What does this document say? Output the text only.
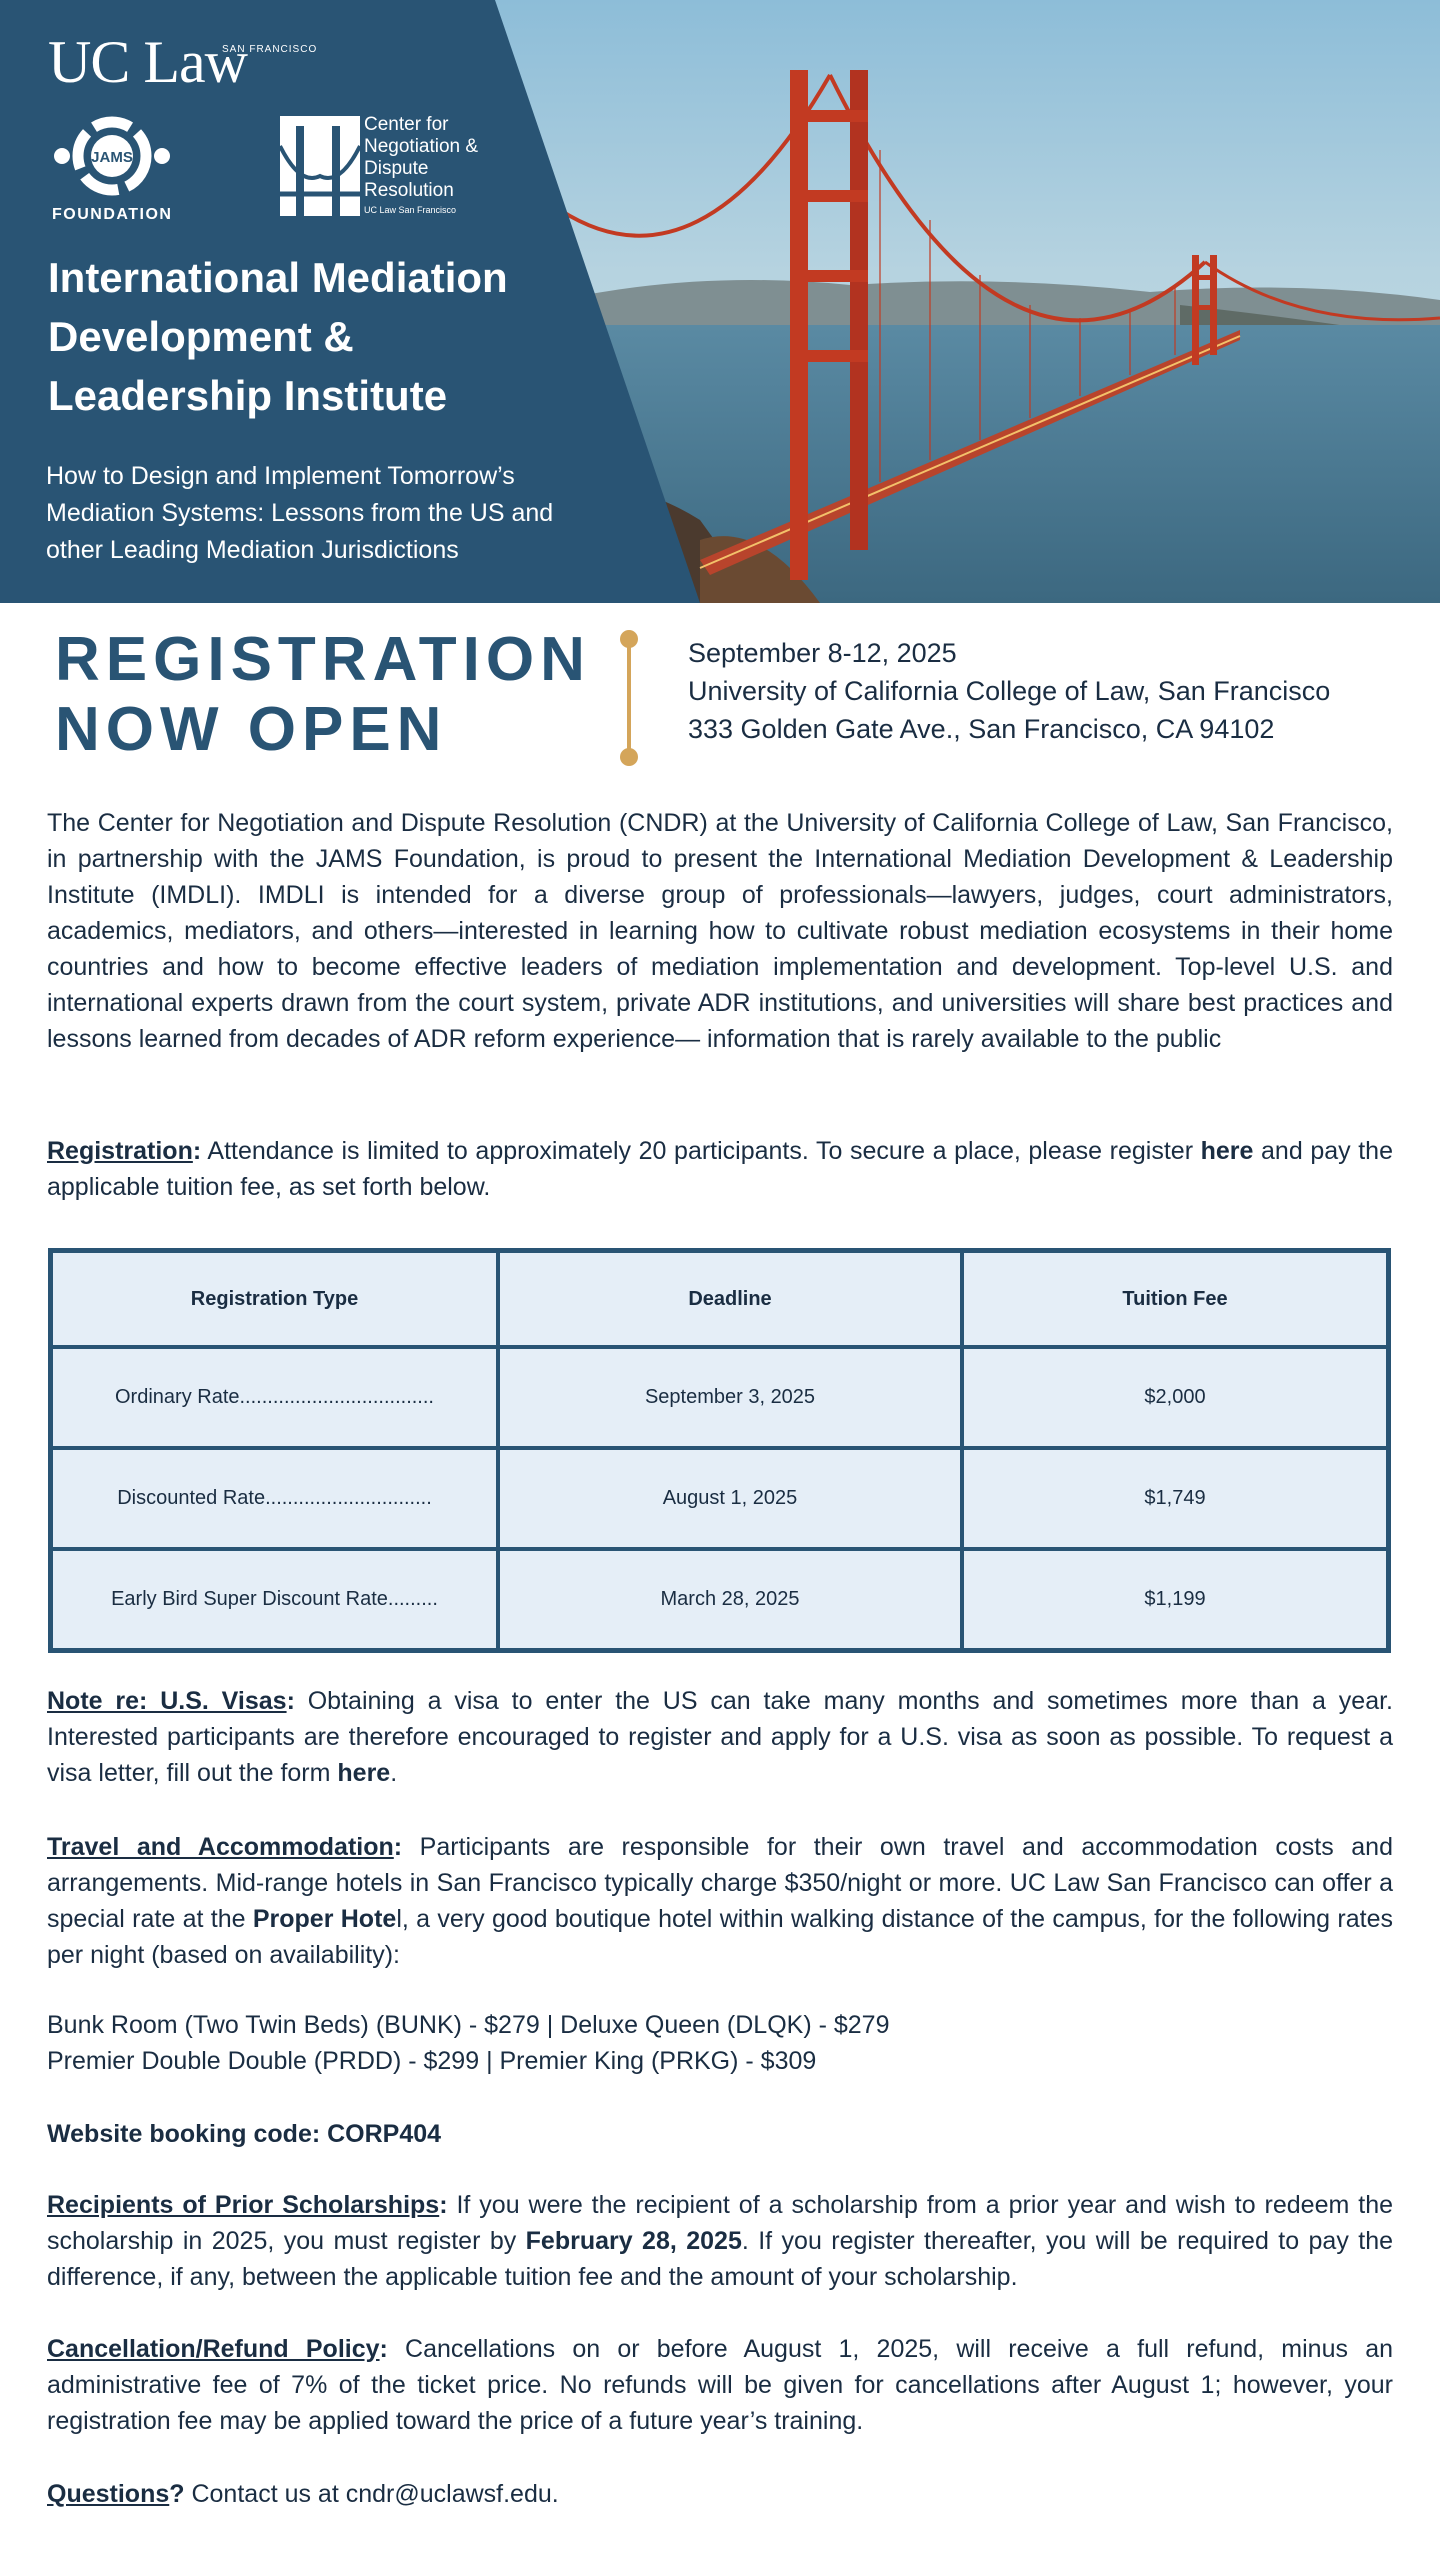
UC Law
SAN FRANCISCO
JAMS
FOUNDATION
Center for
Negotiation &
Dispute
Resolution
UC Law San Francisco
International Mediation
Development &
Leadership Institute
How to Design and Implement Tomorrow’s
Mediation Systems: Lessons from the US and
other Leading Mediation Jurisdictions
REGISTRATION
NOW OPEN
September 8-12, 2025
University of California College of Law, San Francisco
333 Golden Gate Ave., San Francisco, CA 94102
The Center for Negotiation and Dispute Resolution (CNDR) at the University of California College of Law, San Francisco, in partnership with the JAMS Foundation, is proud to present the International Mediation Development & Leadership Institute (IMDLI). IMDLI is intended for a diverse group of professionals—lawyers, judges, court administrators, academics, mediators, and others—interested in learning how to cultivate robust mediation ecosystems in their home countries and how to become effective leaders of mediation implementation and development. Top-level U.S. and international experts drawn from the court system, private ADR institutions, and universities will share best practices and lessons learned from decades of ADR reform experience— information that is rarely available to the public
Registration: Attendance is limited to approximately 20 participants. To secure a place, please register here and pay the applicable tuition fee, as set forth below.
Registration Type	Deadline	Tuition Fee
Ordinary Rate...................................	September 3, 2025	$2,000
Discounted Rate..............................	August 1, 2025	$1,749
Early Bird Super Discount Rate.........	March 28, 2025	$1,199
Note re: U.S. Visas: Obtaining a visa to enter the US can take many months and sometimes more than a year. Interested participants are therefore encouraged to register and apply for a U.S. visa as soon as possible. To request a visa letter, fill out the form here.
Travel and Accommodation: Participants are responsible for their own travel and accommodation costs and arrangements. Mid-range hotels in San Francisco typically charge $350/night or more. UC Law San Francisco can offer a special rate at the Proper Hotel, a very good boutique hotel within walking distance of the campus, for the following rates per night (based on availability):
Bunk Room (Two Twin Beds) (BUNK) - $279 | Deluxe Queen (DLQK) - $279
Premier Double Double (PRDD) - $299 | Premier King (PRKG) - $309
Website booking code: CORP404
Recipients of Prior Scholarships: If you were the recipient of a scholarship from a prior year and wish to redeem the scholarship in 2025, you must register by February 28, 2025. If you register thereafter, you will be required to pay the difference, if any, between the applicable tuition fee and the amount of your scholarship.
Cancellation/Refund Policy: Cancellations on or before August 1, 2025, will receive a full refund, minus an administrative fee of 7% of the ticket price. No refunds will be given for cancellations after August 1; however, your registration fee may be applied toward the price of a future year’s training.
Questions? Contact us at cndr@uclawsf.edu.
